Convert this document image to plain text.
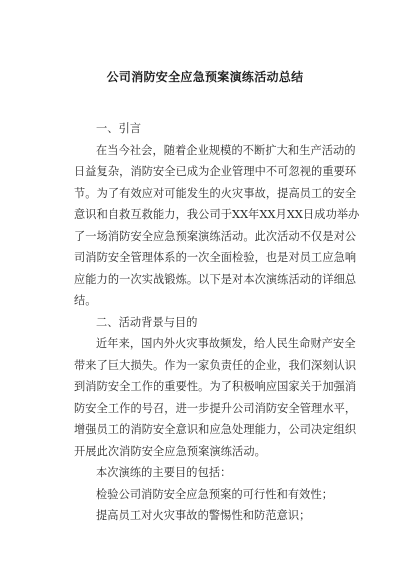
公司消防安全应急预案演练活动总结
一、引言
在当今社会，随着企业规模的不断扩大和生产活动的
日益复杂，消防安全已成为企业管理中不可忽视的重要环
节。为了有效应对可能发生的火灾事故，提高员工的安全
意识和自救互救能力，我公司于XX年XX月XX日成功举办
了一场消防安全应急预案演练活动。此次活动不仅是对公
司消防安全管理体系的一次全面检验，也是对员工应急响
应能力的一次实战锻炼。以下是对本次演练活动的详细总
结。
二、活动背景与目的
近年来，国内外火灾事故频发，给人民生命财产安全
带来了巨大损失。作为一家负责任的企业，我们深刻认识
到消防安全工作的重要性。为了积极响应国家关于加强消
防安全工作的号召，进一步提升公司消防安全管理水平，
增强员工的消防安全意识和应急处理能力，公司决定组织
开展此次消防安全应急预案演练活动。
本次演练的主要目的包括：
检验公司消防安全应急预案的可行性和有效性；
提高员工对火灾事故的警惕性和防范意识；
